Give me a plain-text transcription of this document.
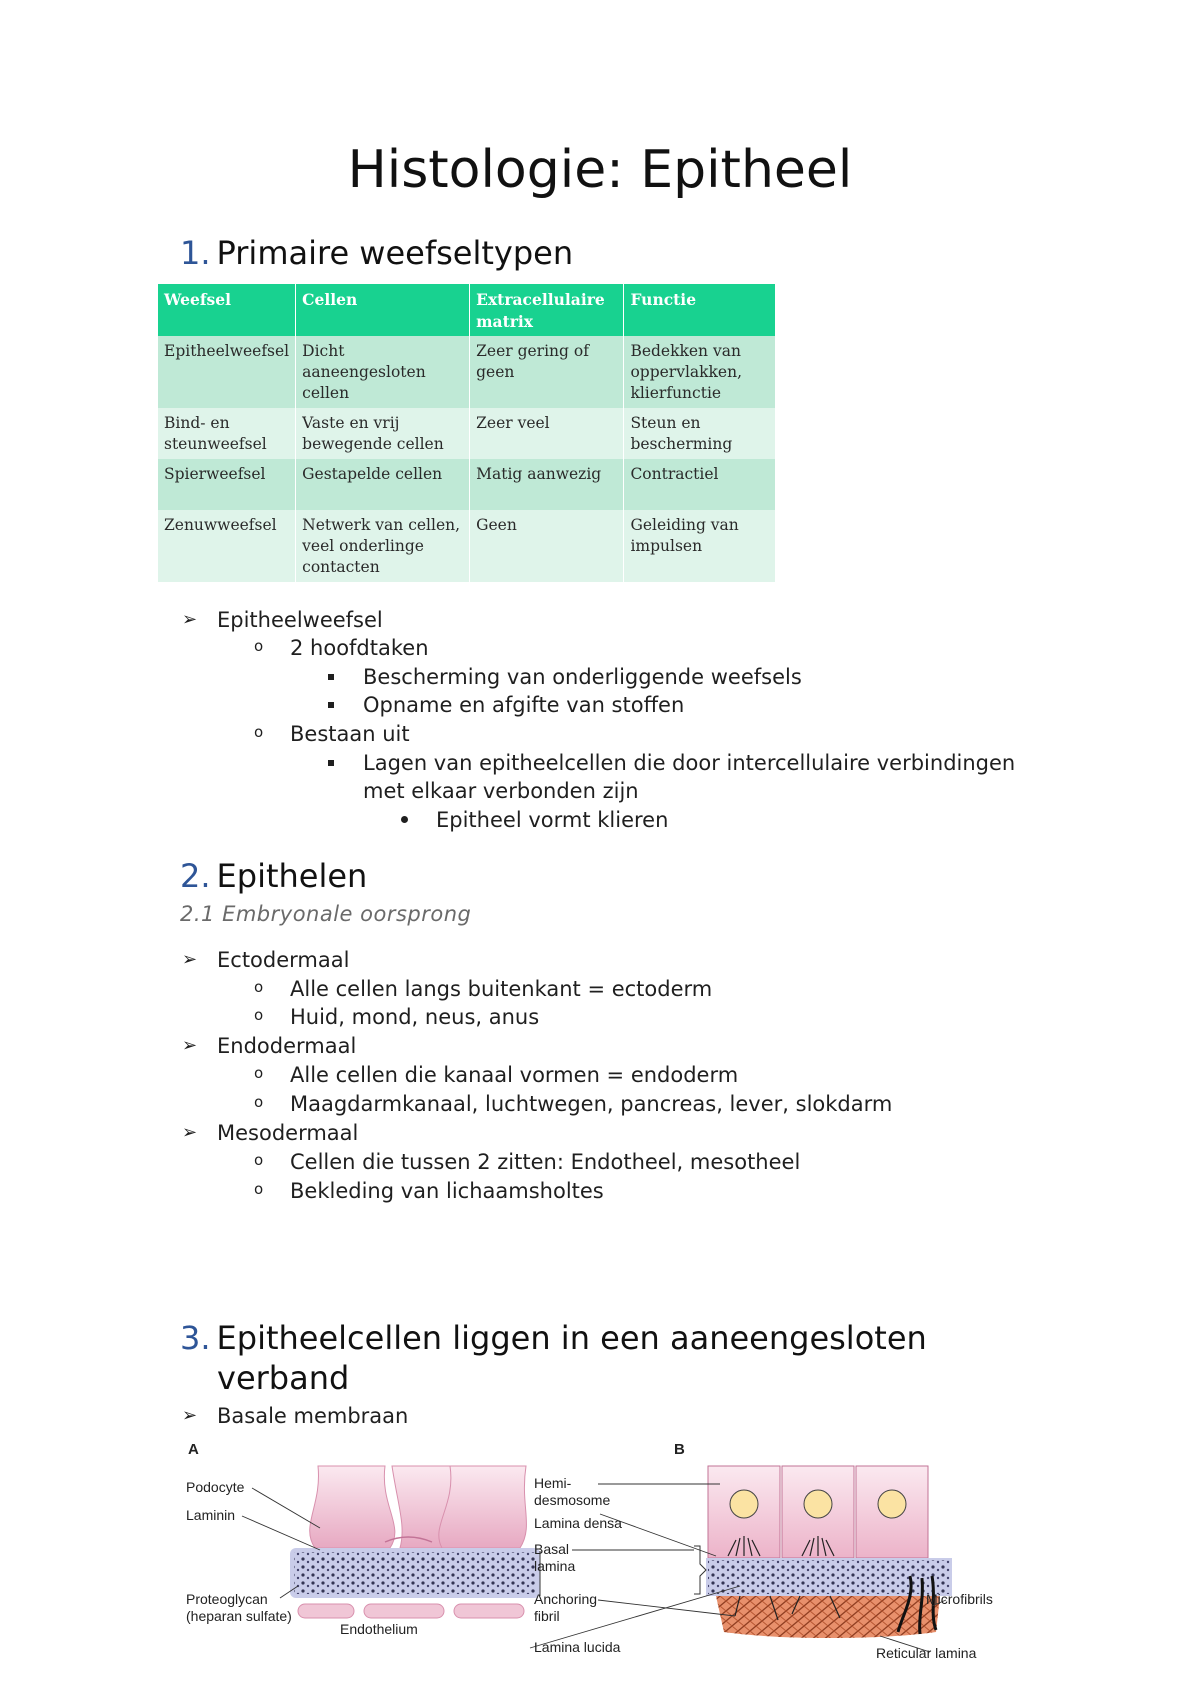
Histologie: Epitheel
1. Primaire weefseltypen
Weefsel	Cellen	Extracellulaire matrix	Functie
Epitheelweefsel	Dicht aaneengesloten cellen	Zeer gering of geen	Bedekken van oppervlakken, klierfunctie
Bind- en steunweefsel	Vaste en vrij bewegende cellen	Zeer veel	Steun en bescherming
Spierweefsel	Gestapelde cellen	Matig aanwezig	Contractiel
Zenuwweefsel	Netwerk van cellen, veel onderlinge contacten	Geen	Geleiding van impulsen
➢ Epitheelweefsel
o 2 hoofdtaken
Bescherming van onderliggende weefsels
Opname en afgifte van stoffen
o Bestaan uit
Lagen van epitheelcellen die door intercellulaire verbindingen
met elkaar verbonden zijn
Epitheel vormt klieren
2. Epithelen
2.1 Embryonale oorsprong
➢ Ectodermaal
o Alle cellen langs buitenkant = ectoderm
o Huid, mond, neus, anus
➢ Endodermaal
o Alle cellen die kanaal vormen = endoderm
o Maagdarmkanaal, luchtwegen, pancreas, lever, slokdarm
➢ Mesodermaal
o Cellen die tussen 2 zitten: Endotheel, mesotheel
o Bekleding van lichaamsholtes
3. Epitheelcellen liggen in een aaneengesloten
verband
➢ Basale membraan
A
Podocyte
Laminin
Proteoglycan
(heparan sulfate)
Endothelium
B
Hemi-
desmosome
Lamina densa
Basal
lamina
Anchoring
fibril
Lamina lucida
Microfibrils
Reticular lamina
